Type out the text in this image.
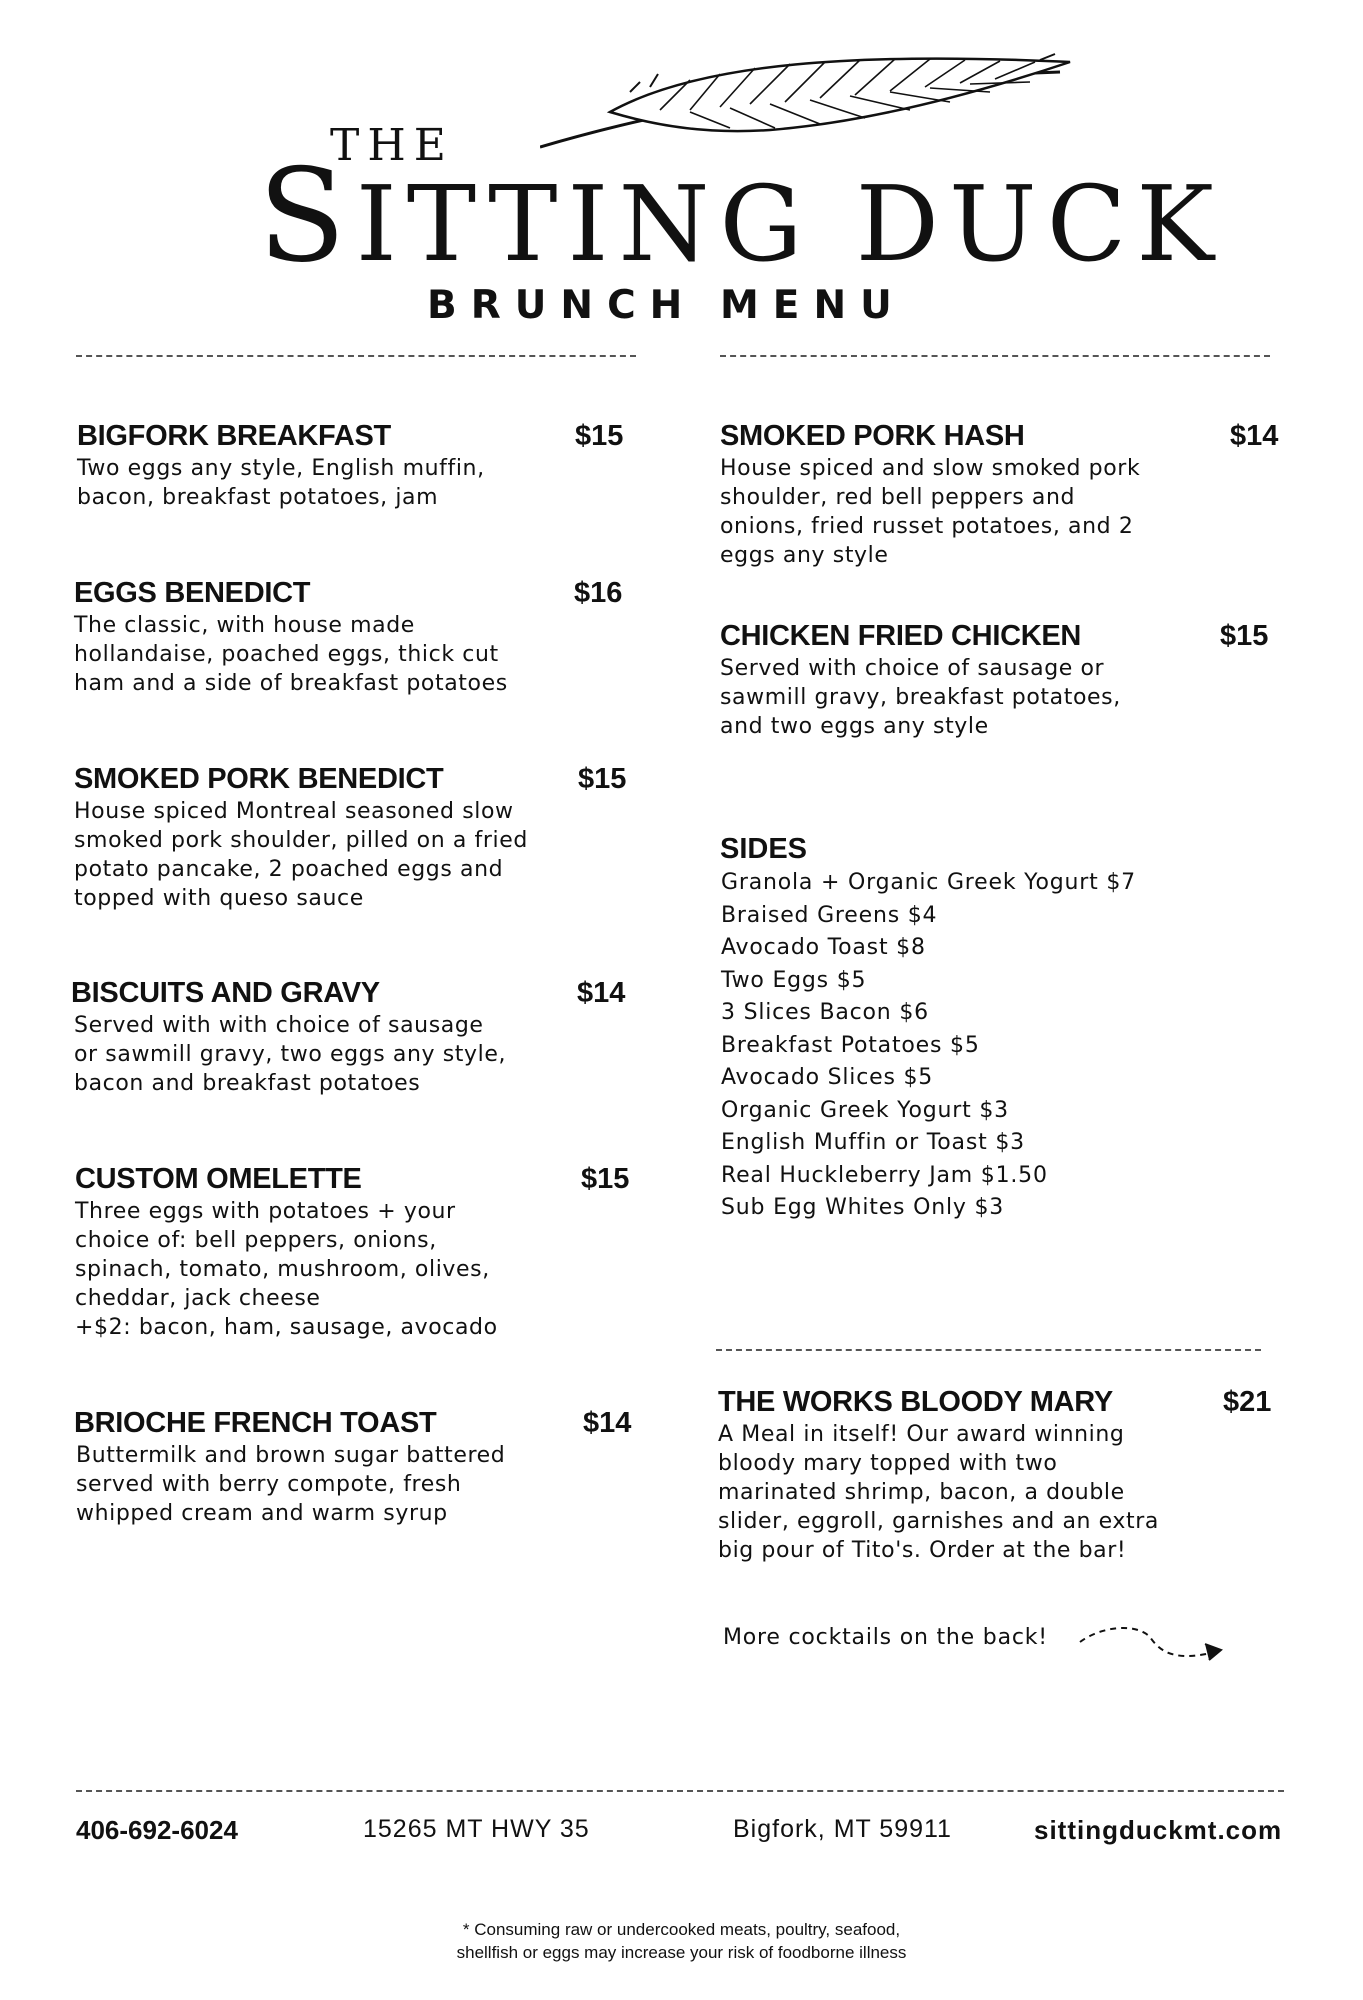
THE
SITTING DUCK
BRUNCH MENU
BIGFORK BREAKFAST
Two eggs any style, English muffin,
bacon, breakfast potatoes, jam
$15
EGGS BENEDICT
The classic, with house made
hollandaise, poached eggs, thick cut
ham and a side of breakfast potatoes
$16
SMOKED PORK BENEDICT
House spiced Montreal seasoned slow
smoked pork shoulder, pilled on a fried
potato pancake, 2 poached eggs and
topped with queso sauce
$15
BISCUITS AND GRAVY
Served with with choice of sausage
or sawmill gravy, two eggs any style,
bacon and breakfast potatoes
$14
CUSTOM OMELETTE
Three eggs with potatoes + your
choice of: bell peppers, onions,
spinach, tomato, mushroom, olives,
cheddar, jack cheese
+$2: bacon, ham, sausage, avocado
$15
BRIOCHE FRENCH TOAST
Buttermilk and brown sugar battered
served with berry compote, fresh
whipped cream and warm syrup
$14
SMOKED PORK HASH
House spiced and slow smoked pork
shoulder, red bell peppers and
onions, fried russet potatoes, and 2
eggs any style
$14
CHICKEN FRIED CHICKEN
Served with choice of sausage or
sawmill gravy, breakfast potatoes,
and two eggs any style
$15
SIDES
Granola + Organic Greek Yogurt $7
Braised Greens $4
Avocado Toast $8
Two Eggs $5
3 Slices Bacon $6
Breakfast Potatoes $5
Avocado Slices $5
Organic Greek Yogurt $3
English Muffin or Toast $3
Real Huckleberry Jam $1.50
Sub Egg Whites Only $3
THE WORKS BLOODY MARY
A Meal in itself! Our award winning
bloody mary topped with two
marinated shrimp, bacon, a double
slider, eggroll, garnishes and an extra
big pour of Tito's. Order at the bar!
$21
More cocktails on the back!
406-692-6024	15265 MT HWY 35	Bigfork, MT 59911	sittingduckmt.com
* Consuming raw or undercooked meats, poultry, seafood,
shellfish or eggs may increase your risk of foodborne illness
